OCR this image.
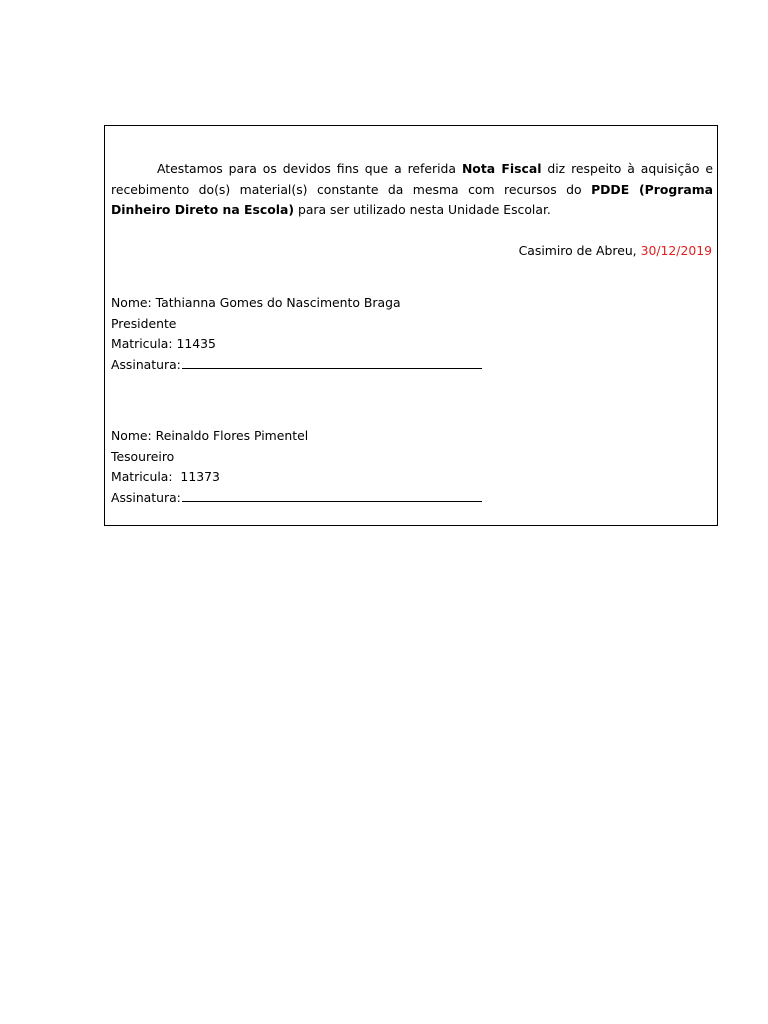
Atestamos para os devidos fins que a referida Nota Fiscal diz respeito à aquisição e recebimento do(s) material(s) constante da mesma com recursos do PDDE (Programa Dinheiro Direto na Escola) para ser utilizado nesta Unidade Escolar.

Casimiro de Abreu, 30/12/2019
Nome: Tathianna Gomes do Nascimento Braga
Presidente
Matricula: 11435
Assinatura:
Nome: Reinaldo Flores Pimentel
Tesoureiro
Matricula:  11373
Assinatura:
